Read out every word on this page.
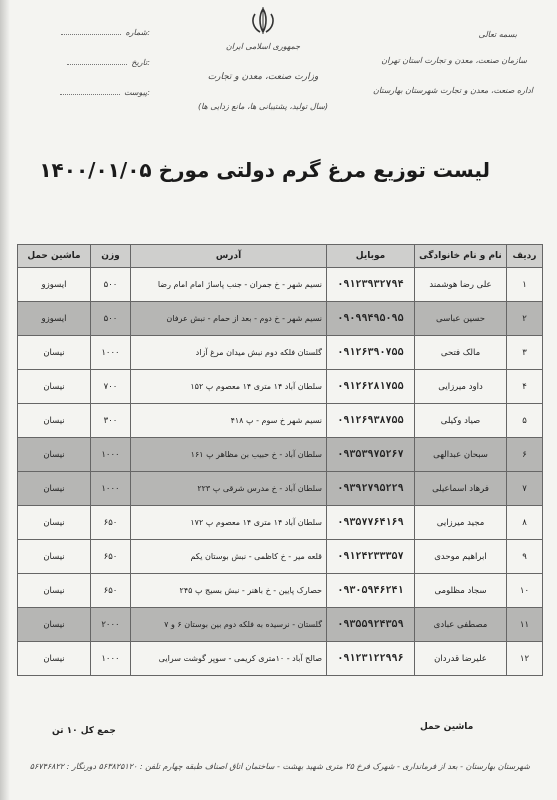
جمهوری اسلامی ایران
وزارت صنعت، معدن و تجارت
(سال تولید، پشتیبانی ها، مانع زدایی ها)
بسمه تعالی
سازمان صنعت، معدن و تجارت استان تهران
اداره صنعت، معدن و تجارت شهرستان بهارستان
شماره:
تاریخ:
پیوست:
لیست توزیع مرغ گرم دولتی مورخ ۱۴۰۰/۰۱/۰۵
ردیف	نام و نام خانوادگی	موبایل	آدرس	وزن	ماشین حمل
۱	علی رضا هوشمند	۰۹۱۲۳۹۳۲۷۹۴	نسیم شهر - خ جمران - جنب پاساژ امام امام رضا	۵۰۰	ایسوزو
۲	حسین عباسی	۰۹۰۹۹۴۹۵۰۹۵	نسیم شهر - خ دوم - بعد از حمام - نبش عرفان	۵۰۰	ایسوزو
۳	مالک فتحی	۰۹۱۲۶۳۹۰۷۵۵	گلستان فلکه دوم نبش میدان مرغ آزاد	۱۰۰۰	نیسان
۴	داود میرزایی	۰۹۱۲۶۲۸۱۷۵۵	سلطان آباد ۱۴ متری ۱۴ معصوم پ ۱۵۲	۷۰۰	نیسان
۵	صیاد وکیلی	۰۹۱۲۶۹۳۸۷۵۵	نسیم شهر خ سوم - پ ۴۱۸	۳۰۰	نیسان
۶	سبحان عبدالهی	۰۹۳۵۳۹۷۵۲۶۷	سلطان آباد - خ حبیب بن مظاهر پ ۱۶۱	۱۰۰۰	نیسان
۷	فرهاد اسماعیلی	۰۹۳۹۲۷۹۵۲۲۹	سلطان آباد - خ مدرس شرقی پ ۲۲۳	۱۰۰۰	نیسان
۸	مجید میرزایی	۰۹۳۵۷۷۶۴۱۶۹	سلطان آباد ۱۴ متری ۱۴ معصوم پ ۱۷۲	۶۵۰	نیسان
۹	ابراهیم موحدی	۰۹۱۲۴۲۳۳۳۵۷	قلعه میر - خ کاظمی - نبش بوستان یکم	۶۵۰	نیسان
۱۰	سجاد مظلومی	۰۹۳۰۵۹۴۶۲۴۱	حصارک پایین - خ باهنر - نبش بسیج پ ۲۴۵	۶۵۰	نیسان
۱۱	مصطفی عبادی	۰۹۳۵۵۹۲۴۳۵۹	گلستان - نرسیده به فلکه دوم بین بوستان ۶ و ۷	۲۰۰۰	نیسان
۱۲	علیرضا قدردان	۰۹۱۲۳۱۲۲۹۹۶	صالح آباد - ۱۰متری کریمی - سوپر گوشت سرایی	۱۰۰۰	نیسان
ماشین حمل
جمع کل ۱۰ تن
شهرستان بهارستان - بعد از فرمانداری - شهرک فرخ ۲۵ متری شهید بهشت - ساختمان اتاق اصناف طبقه چهارم تلفن : ۵۶۳۸۲۵۱۲۰ دورنگار : ۵۶۷۴۶۸۲۲
